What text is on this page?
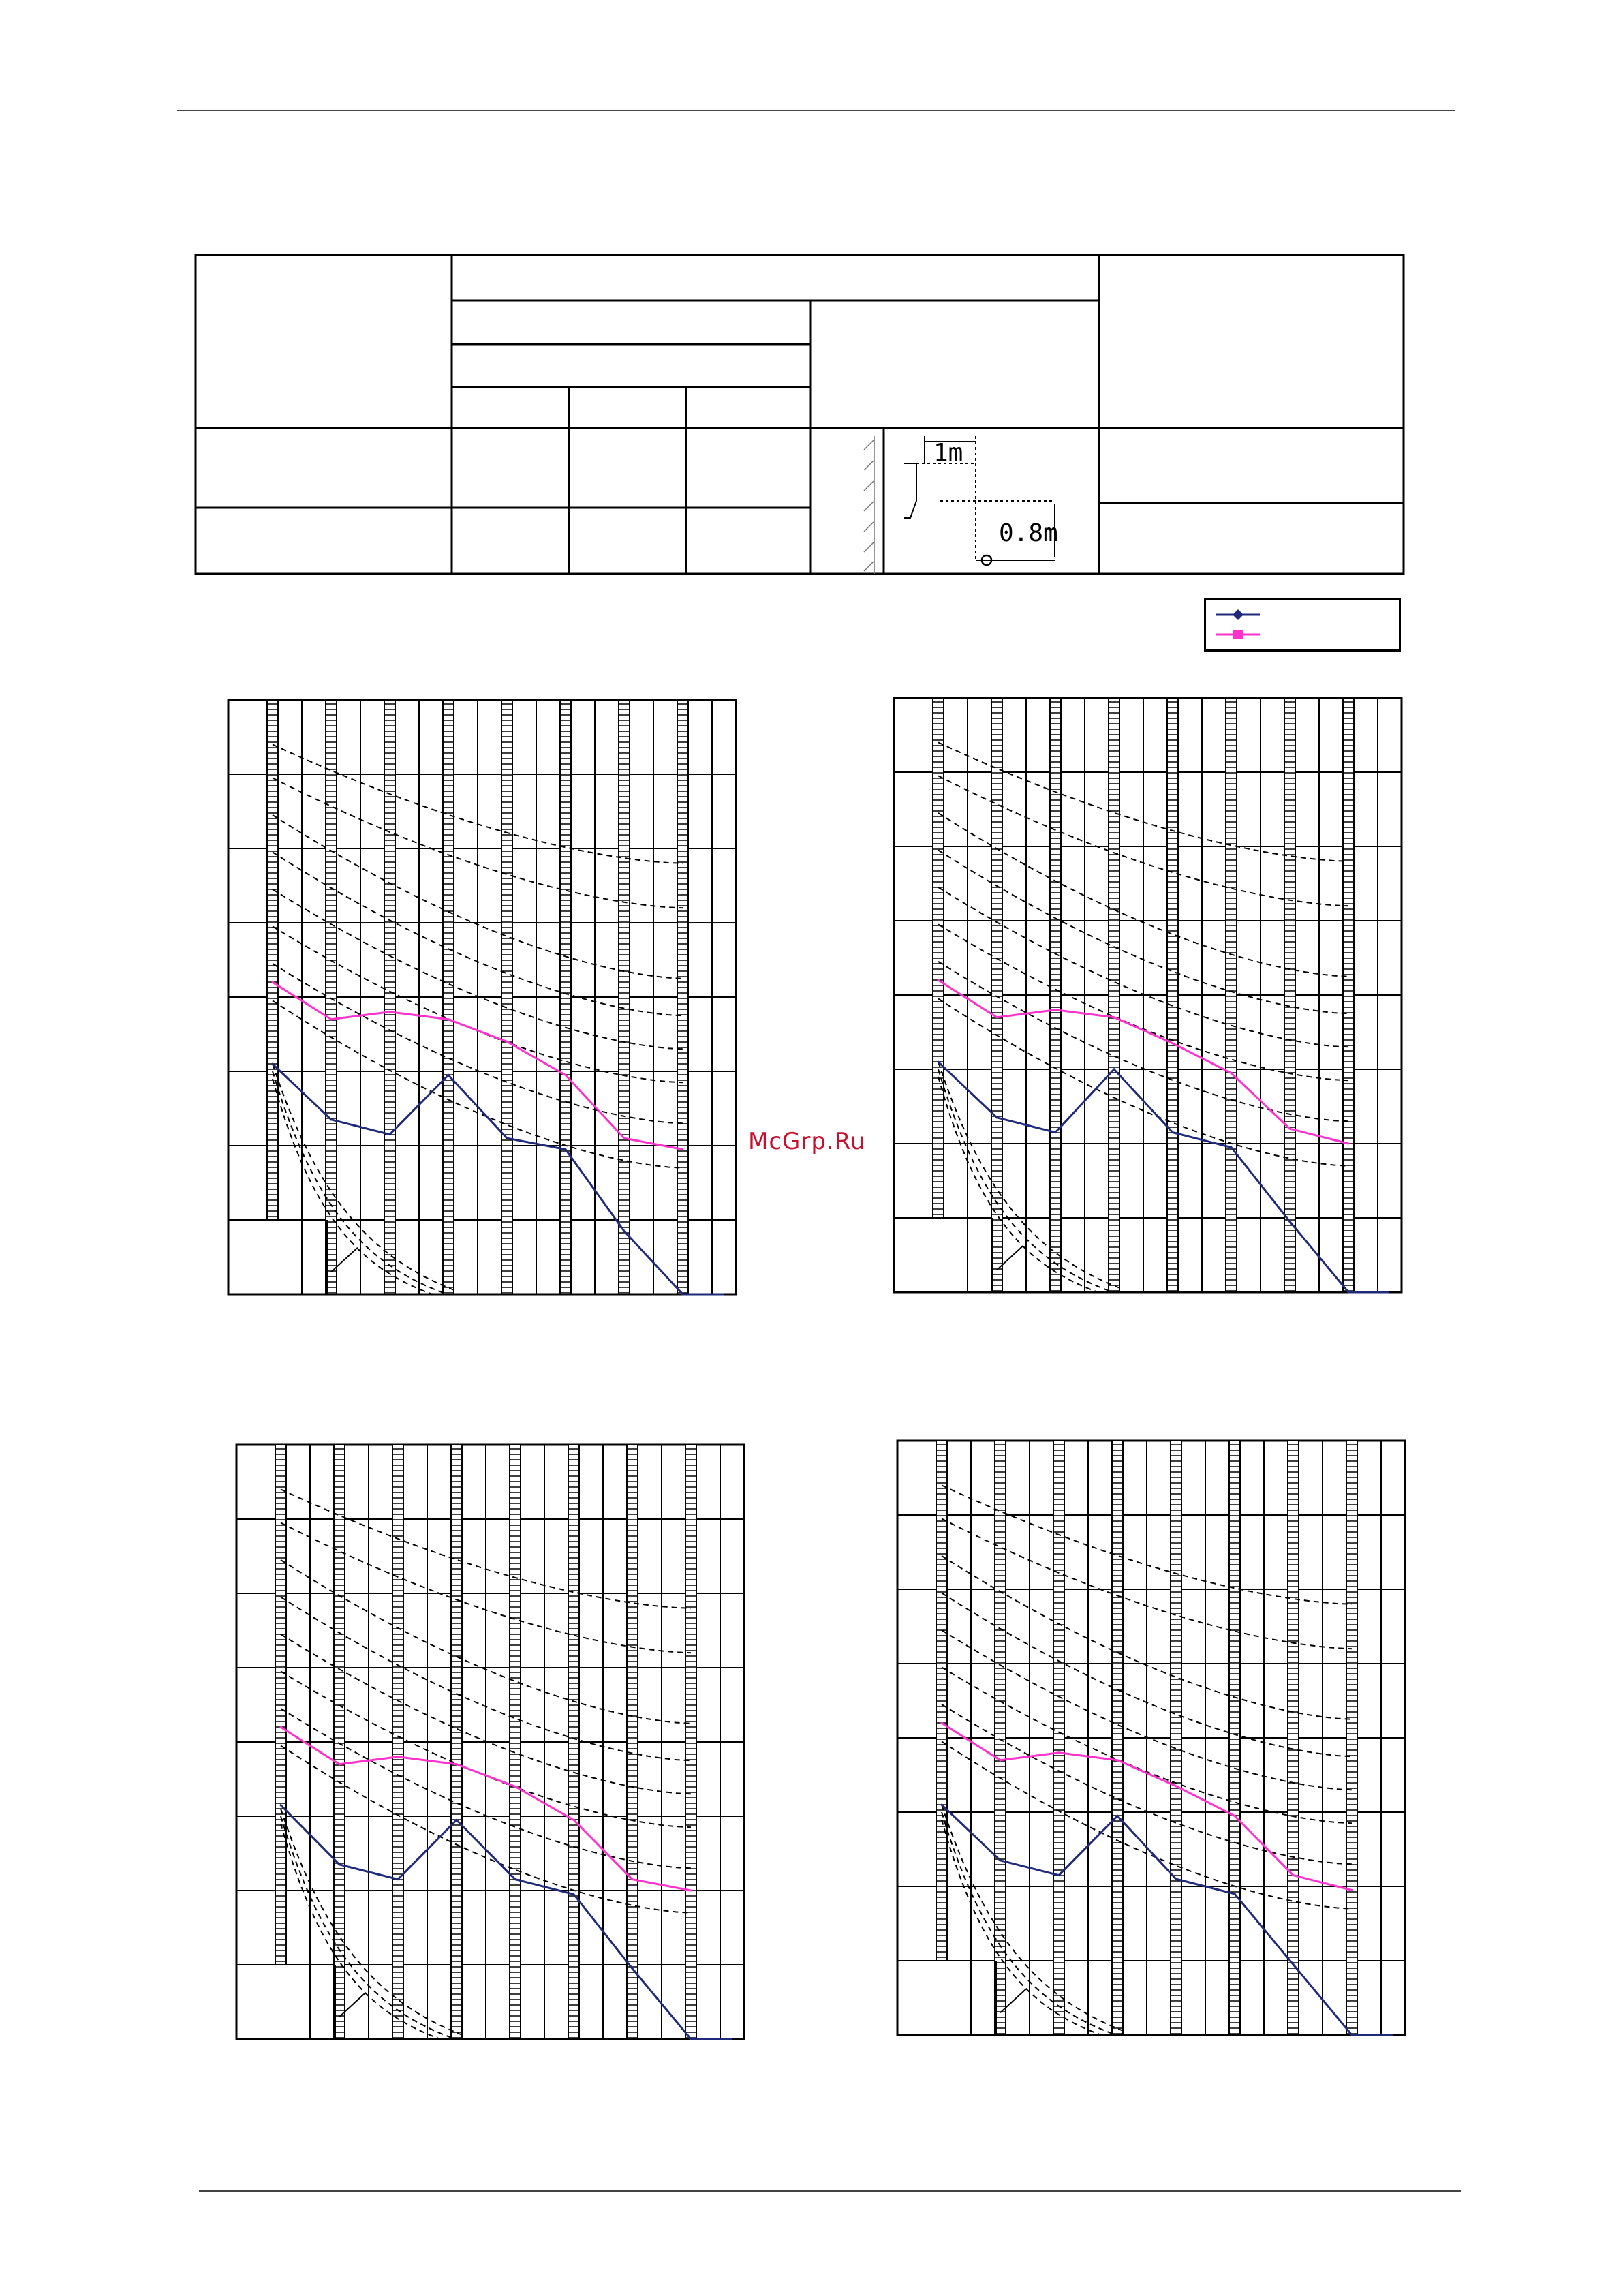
1m
0.8m
McGrp.Ru
